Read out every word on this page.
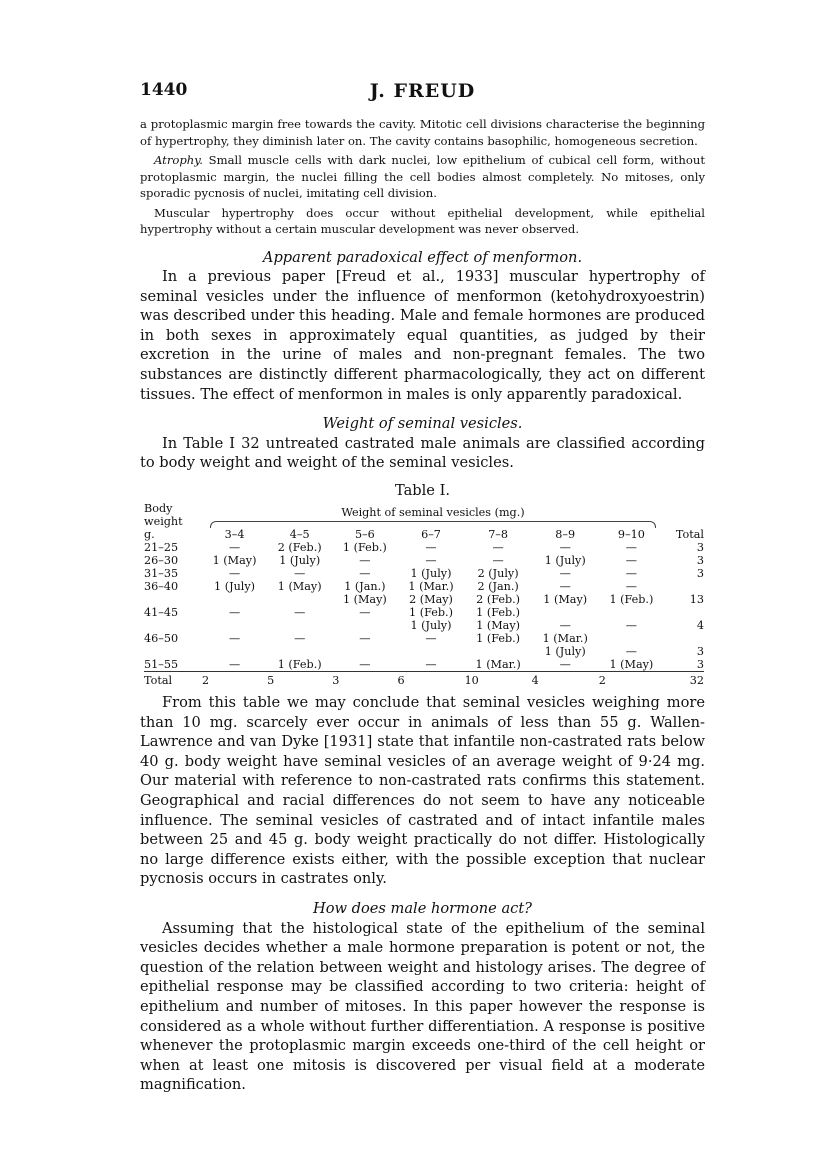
1440	J. FREUD

a protoplasmic margin free towards the cavity. Mitotic cell divisions characterise the beginning of hypertrophy, they diminish later on. The cavity contains basophilic, homogeneous secretion.

Atrophy. Small muscle cells with dark nuclei, low epithelium of cubical cell form, without protoplasmic margin, the nuclei filling the cell bodies almost completely. No mitoses, only sporadic pycnosis of nuclei, imitating cell division.

Muscular hypertrophy does occur without epithelial development, while epithelial hypertrophy without a certain muscular development was never observed.

Apparent paradoxical effect of menformon.

In a previous paper [Freud et al., 1933] muscular hypertrophy of seminal vesicles under the influence of menformon (ketohydroxyoestrin) was described under this heading. Male and female hormones are produced in both sexes in approximately equal quantities, as judged by their excretion in the urine of males and non-pregnant females. The two substances are distinctly different pharmacologically, they act on different tissues. The effect of menformon in males is only apparently paradoxical.

Weight of seminal vesicles.

In Table I 32 untreated castrated male animals are classified according to body weight and weight of the seminal vesicles.

Table I.
Body
weight	Weight of seminal vesicles (mg.)							

g.	3–4	4–5	5–6	6–7	7–8	8–9	9–10	Total
21–25	—	2 (Feb.)	1 (Feb.)	—	—	—	—	3
26–30	1 (May)	1 (July)	—	—	—	1 (July)	—	3
31–35	—	—	—	1 (July)	2 (July)	—	—	3
36–40	1 (July)	1 (May)	1 (Jan.)	1 (Mar.)	2 (Jan.)	—	—	
			1 (May)	2 (May)	2 (Feb.)	1 (May)	1 (Feb.)	13
41–45	—	—	—	1 (Feb.)	1 (Feb.)			
				1 (July)	1 (May)	—	—	4
46–50	—	—	—	—	1 (Feb.)	1 (Mar.)		
						1 (July)	—	3
51–55	—	1 (Feb.)	—	—	1 (Mar.)	—	1 (May)	3
Total	2	5	3	6	10	4	2	32

From this table we may conclude that seminal vesicles weighing more than 10 mg. scarcely ever occur in animals of less than 55 g. Wallen-Lawrence and van Dyke [1931] state that infantile non-castrated rats below 40 g. body weight have seminal vesicles of an average weight of 9·24 mg. Our material with reference to non-castrated rats confirms this statement. Geographical and racial differences do not seem to have any noticeable influence. The seminal vesicles of castrated and of intact infantile males between 25 and 45 g. body weight practically do not differ. Histologically no large difference exists either, with the possible exception that nuclear pycnosis occurs in castrates only.

How does male hormone act?

Assuming that the histological state of the epithelium of the seminal vesicles decides whether a male hormone preparation is potent or not, the question of the relation between weight and histology arises. The degree of epithelial response may be classified according to two criteria: height of epithelium and number of mitoses. In this paper however the response is considered as a whole without further differentiation. A response is positive whenever the protoplasmic margin exceeds one-third of the cell height or when at least one mitosis is discovered per visual field at a moderate magnification.
